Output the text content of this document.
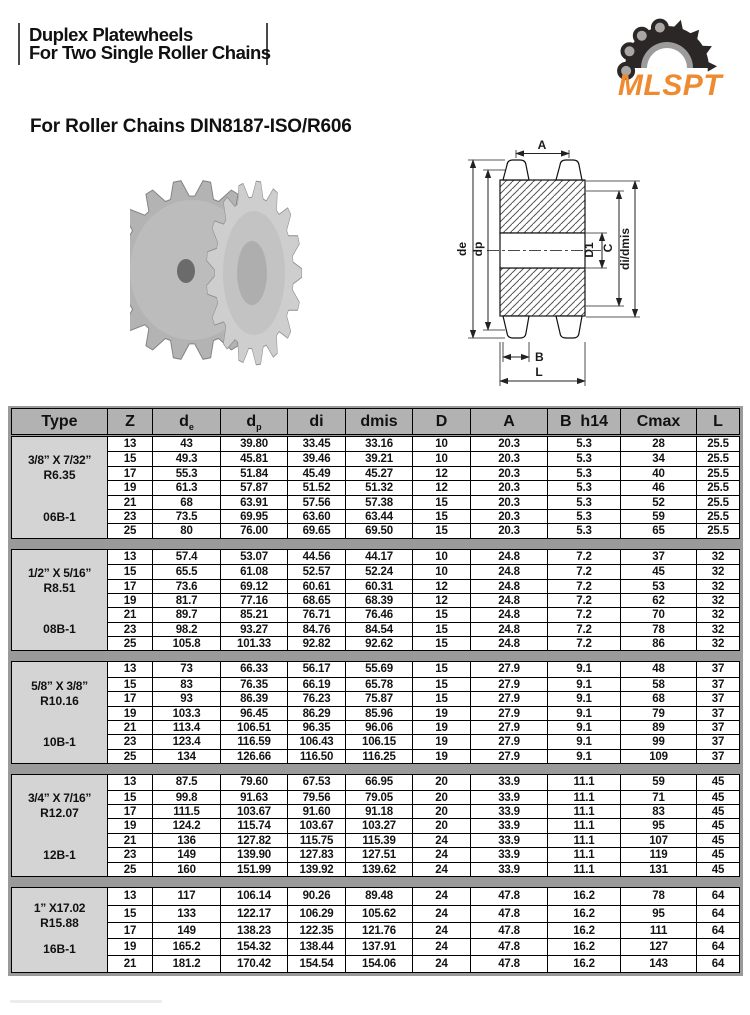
Duplex Platewheels
For Two Single Roller Chains
MLSPT
For Roller Chains DIN8187-ISO/R606
A
de dp	D1 C di/dmis
B
L
Type	Z	$d_e$	$d_p$	di	dmis	D	A	B  h14	Cmax	L
3/8” X 7/32”
R6.35
06B-1
13	43	39.80	33.45	33.16	10	20.3	5.3	28	25.5
15	49.3	45.81	39.46	39.21	10	20.3	5.3	34	25.5
17	55.3	51.84	45.49	45.27	12	20.3	5.3	40	25.5
19	61.3	57.87	51.52	51.32	12	20.3	5.3	46	25.5
21	68	63.91	57.56	57.38	15	20.3	5.3	52	25.5
23	73.5	69.95	63.60	63.44	15	20.3	5.3	59	25.5
25	80	76.00	69.65	69.50	15	20.3	5.3	65	25.5
1/2” X 5/16”
R8.51
08B-1
13	57.4	53.07	44.56	44.17	10	24.8	7.2	37	32
15	65.5	61.08	52.57	52.24	10	24.8	7.2	45	32
17	73.6	69.12	60.61	60.31	12	24.8	7.2	53	32
19	81.7	77.16	68.65	68.39	12	24.8	7.2	62	32
21	89.7	85.21	76.71	76.46	15	24.8	7.2	70	32
23	98.2	93.27	84.76	84.54	15	24.8	7.2	78	32
25	105.8	101.33	92.82	92.62	15	24.8	7.2	86	32
5/8” X 3/8”
R10.16
10B-1
13	73	66.33	56.17	55.69	15	27.9	9.1	48	37
15	83	76.35	66.19	65.78	15	27.9	9.1	58	37
17	93	86.39	76.23	75.87	15	27.9	9.1	68	37
19	103.3	96.45	86.29	85.96	19	27.9	9.1	79	37
21	113.4	106.51	96.35	96.06	19	27.9	9.1	89	37
23	123.4	116.59	106.43	106.15	19	27.9	9.1	99	37
25	134	126.66	116.50	116.25	19	27.9	9.1	109	37
3/4” X 7/16”
R12.07
12B-1
13	87.5	79.60	67.53	66.95	20	33.9	11.1	59	45
15	99.8	91.63	79.56	79.05	20	33.9	11.1	71	45
17	111.5	103.67	91.60	91.18	20	33.9	11.1	83	45
19	124.2	115.74	103.67	103.27	20	33.9	11.1	95	45
21	136	127.82	115.75	115.39	24	33.9	11.1	107	45
23	149	139.90	127.83	127.51	24	33.9	11.1	119	45
25	160	151.99	139.92	139.62	24	33.9	11.1	131	45
1” X17.02
R15.88
16B-1
13	117	106.14	90.26	89.48	24	47.8	16.2	78	64
15	133	122.17	106.29	105.62	24	47.8	16.2	95	64
17	149	138.23	122.35	121.76	24	47.8	16.2	111	64
19	165.2	154.32	138.44	137.91	24	47.8	16.2	127	64
21	181.2	170.42	154.54	154.06	24	47.8	16.2	143	64
